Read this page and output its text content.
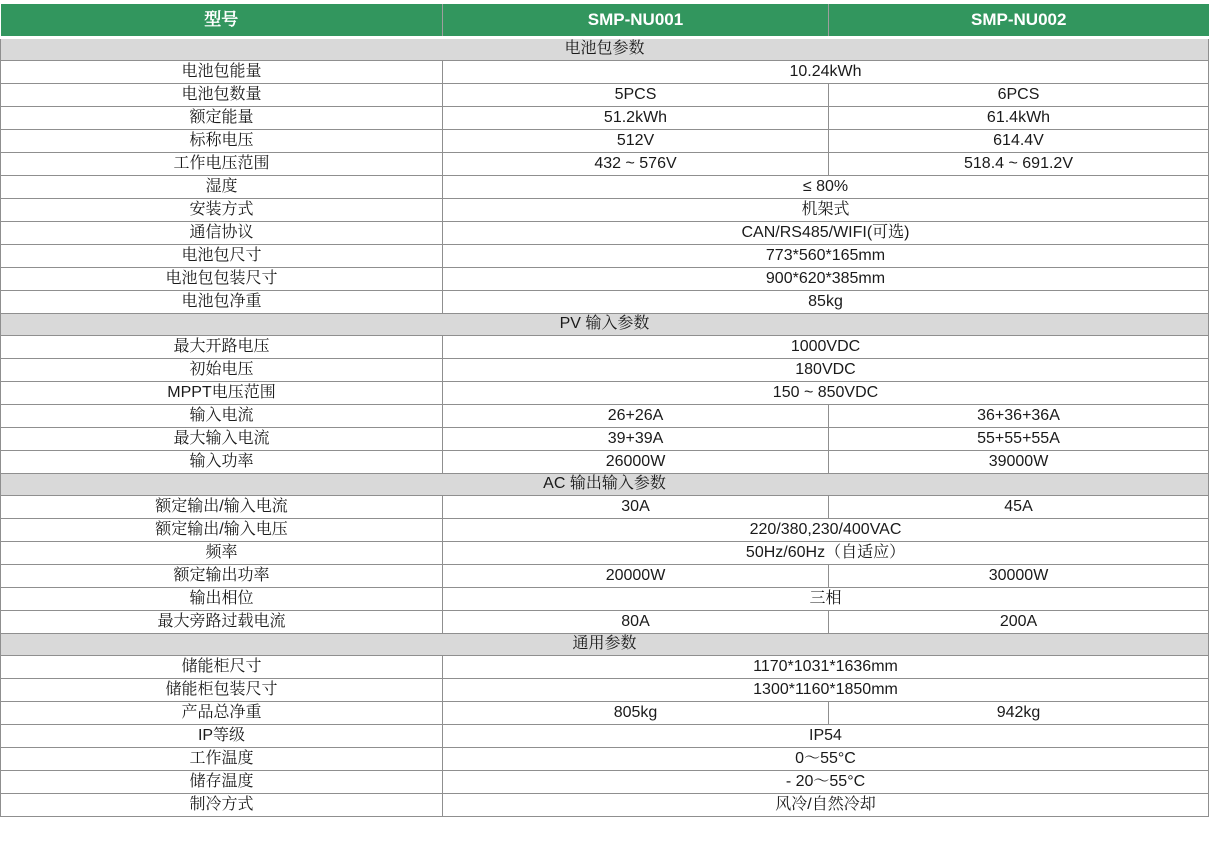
型号	SMP-NU001	SMP-NU002
电池包参数		
电池包能量	10.24kWh	
电池包数量	5PCS	6PCS
额定能量	51.2kWh	61.4kWh
标称电压	512V	614.4V
工作电压范围	432 ~ 576V	518.4 ~ 691.2V
湿度	≤ 80%	
安装方式	机架式	
通信协议	CAN/RS485/WIFI(可选)	
电池包尺寸	773*560*165mm	
电池包包装尺寸	900*620*385mm	
电池包净重	85kg	
PV 输入参数		
最大开路电压	1000VDC	
初始电压	180VDC	
MPPT电压范围	150 ~ 850VDC	
输入电流	26+26A	36+36+36A
最大输入电流	39+39A	55+55+55A
输入功率	26000W	39000W
AC 输出输入参数		
额定输出/输入电流	30A	45A
额定输出/输入电压	220/380,230/400VAC	
频率	50Hz/60Hz（自适应）	
额定输出功率	20000W	30000W
输出相位	三相	
最大旁路过载电流	80A	200A
通用参数		
储能柜尺寸	1170*1031*1636mm	
储能柜包装尺寸	1300*1160*1850mm	
产品总净重	805kg	942kg
IP等级	IP54	
工作温度	0～55°C	
储存温度	- 20～55°C	
制冷方式	风冷/自然冷却	
